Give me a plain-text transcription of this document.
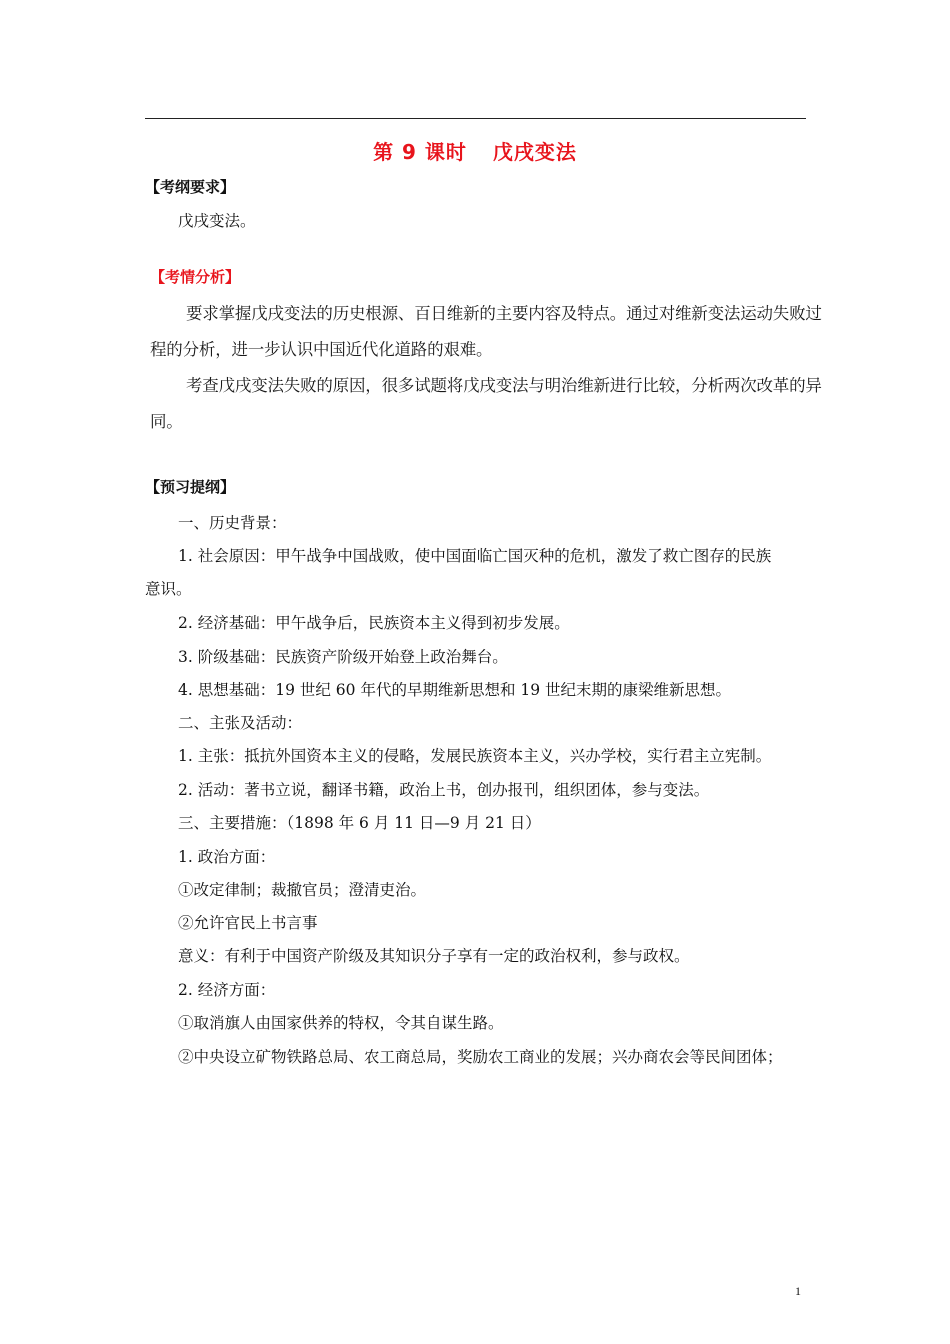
第 9 课时 戊戌变法
【考纲要求】
戊戌变法。
【考情分析】

要求掌握戊戌变法的历史根源、百日维新的主要内容及特点。通过对维新变法运动失败过程的分析，进一步认识中国近代化道路的艰难。

考查戊戌变法失败的原因，很多试题将戊戌变法与明治维新进行比较，分析两次改革的异同。

【预习提纲】
一、历史背景：
1. 社会原因：甲午战争中国战败，使中国面临亡国灭种的危机，激发了救亡图存的民族
意识。
2. 经济基础：甲午战争后，民族资本主义得到初步发展。
3. 阶级基础：民族资产阶级开始登上政治舞台。
4. 思想基础：19 世纪 60 年代的早期维新思想和 19 世纪末期的康梁维新思想。
二、主张及活动：
1. 主张：抵抗外国资本主义的侵略，发展民族资本主义，兴办学校，实行君主立宪制。
2. 活动：著书立说，翻译书籍，政治上书，创办报刊，组织团体，参与变法。
三、主要措施：（1898 年 6 月 11 日—9 月 21 日）
1. 政治方面：
①改定律制；裁撤官员；澄清吏治。
②允许官民上书言事
意义：有利于中国资产阶级及其知识分子享有一定的政治权利，参与政权。
2. 经济方面：
①取消旗人由国家供养的特权，令其自谋生路。
②中央设立矿物铁路总局、农工商总局，奖励农工商业的发展；兴办商农会等民间团体；
1
